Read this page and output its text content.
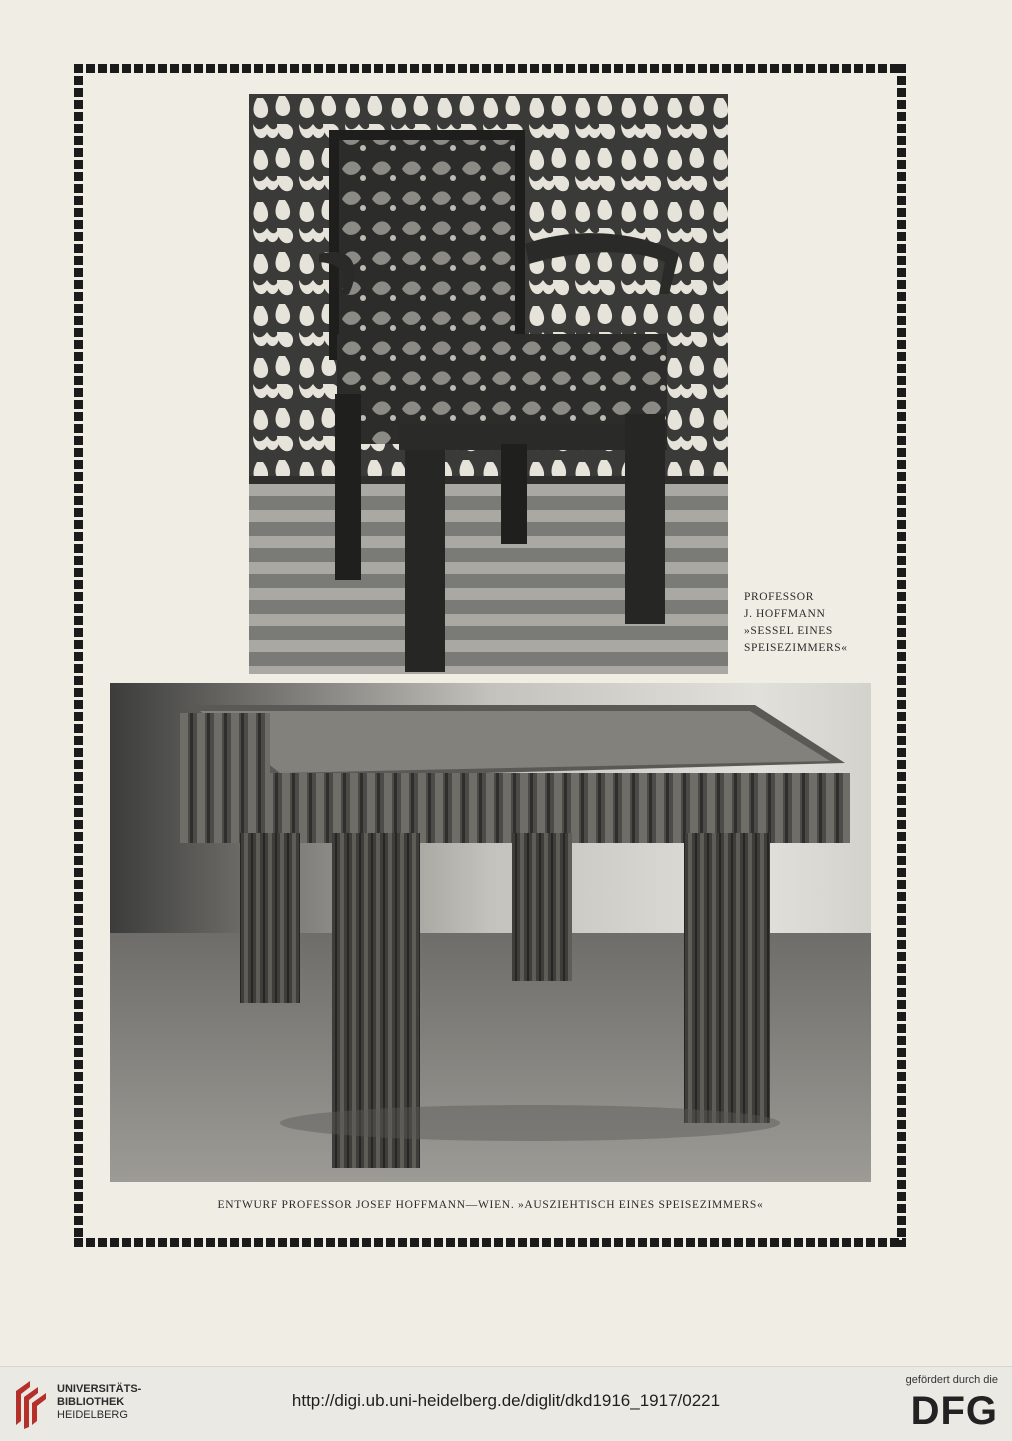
PROFESSOR
J. HOFFMANN
»SESSEL EINES
SPEISEZIMMERS«
ENTWURF PROFESSOR JOSEF HOFFMANN—WIEN. »AUSZIEHTISCH EINES SPEISEZIMMERS«
UNIVERSITÄTS-
BIBLIOTHEK
HEIDELBERG
http://digi.ub.uni-heidelberg.de/diglit/dkd1916_1917/0221
gefördert durch die
DFG
